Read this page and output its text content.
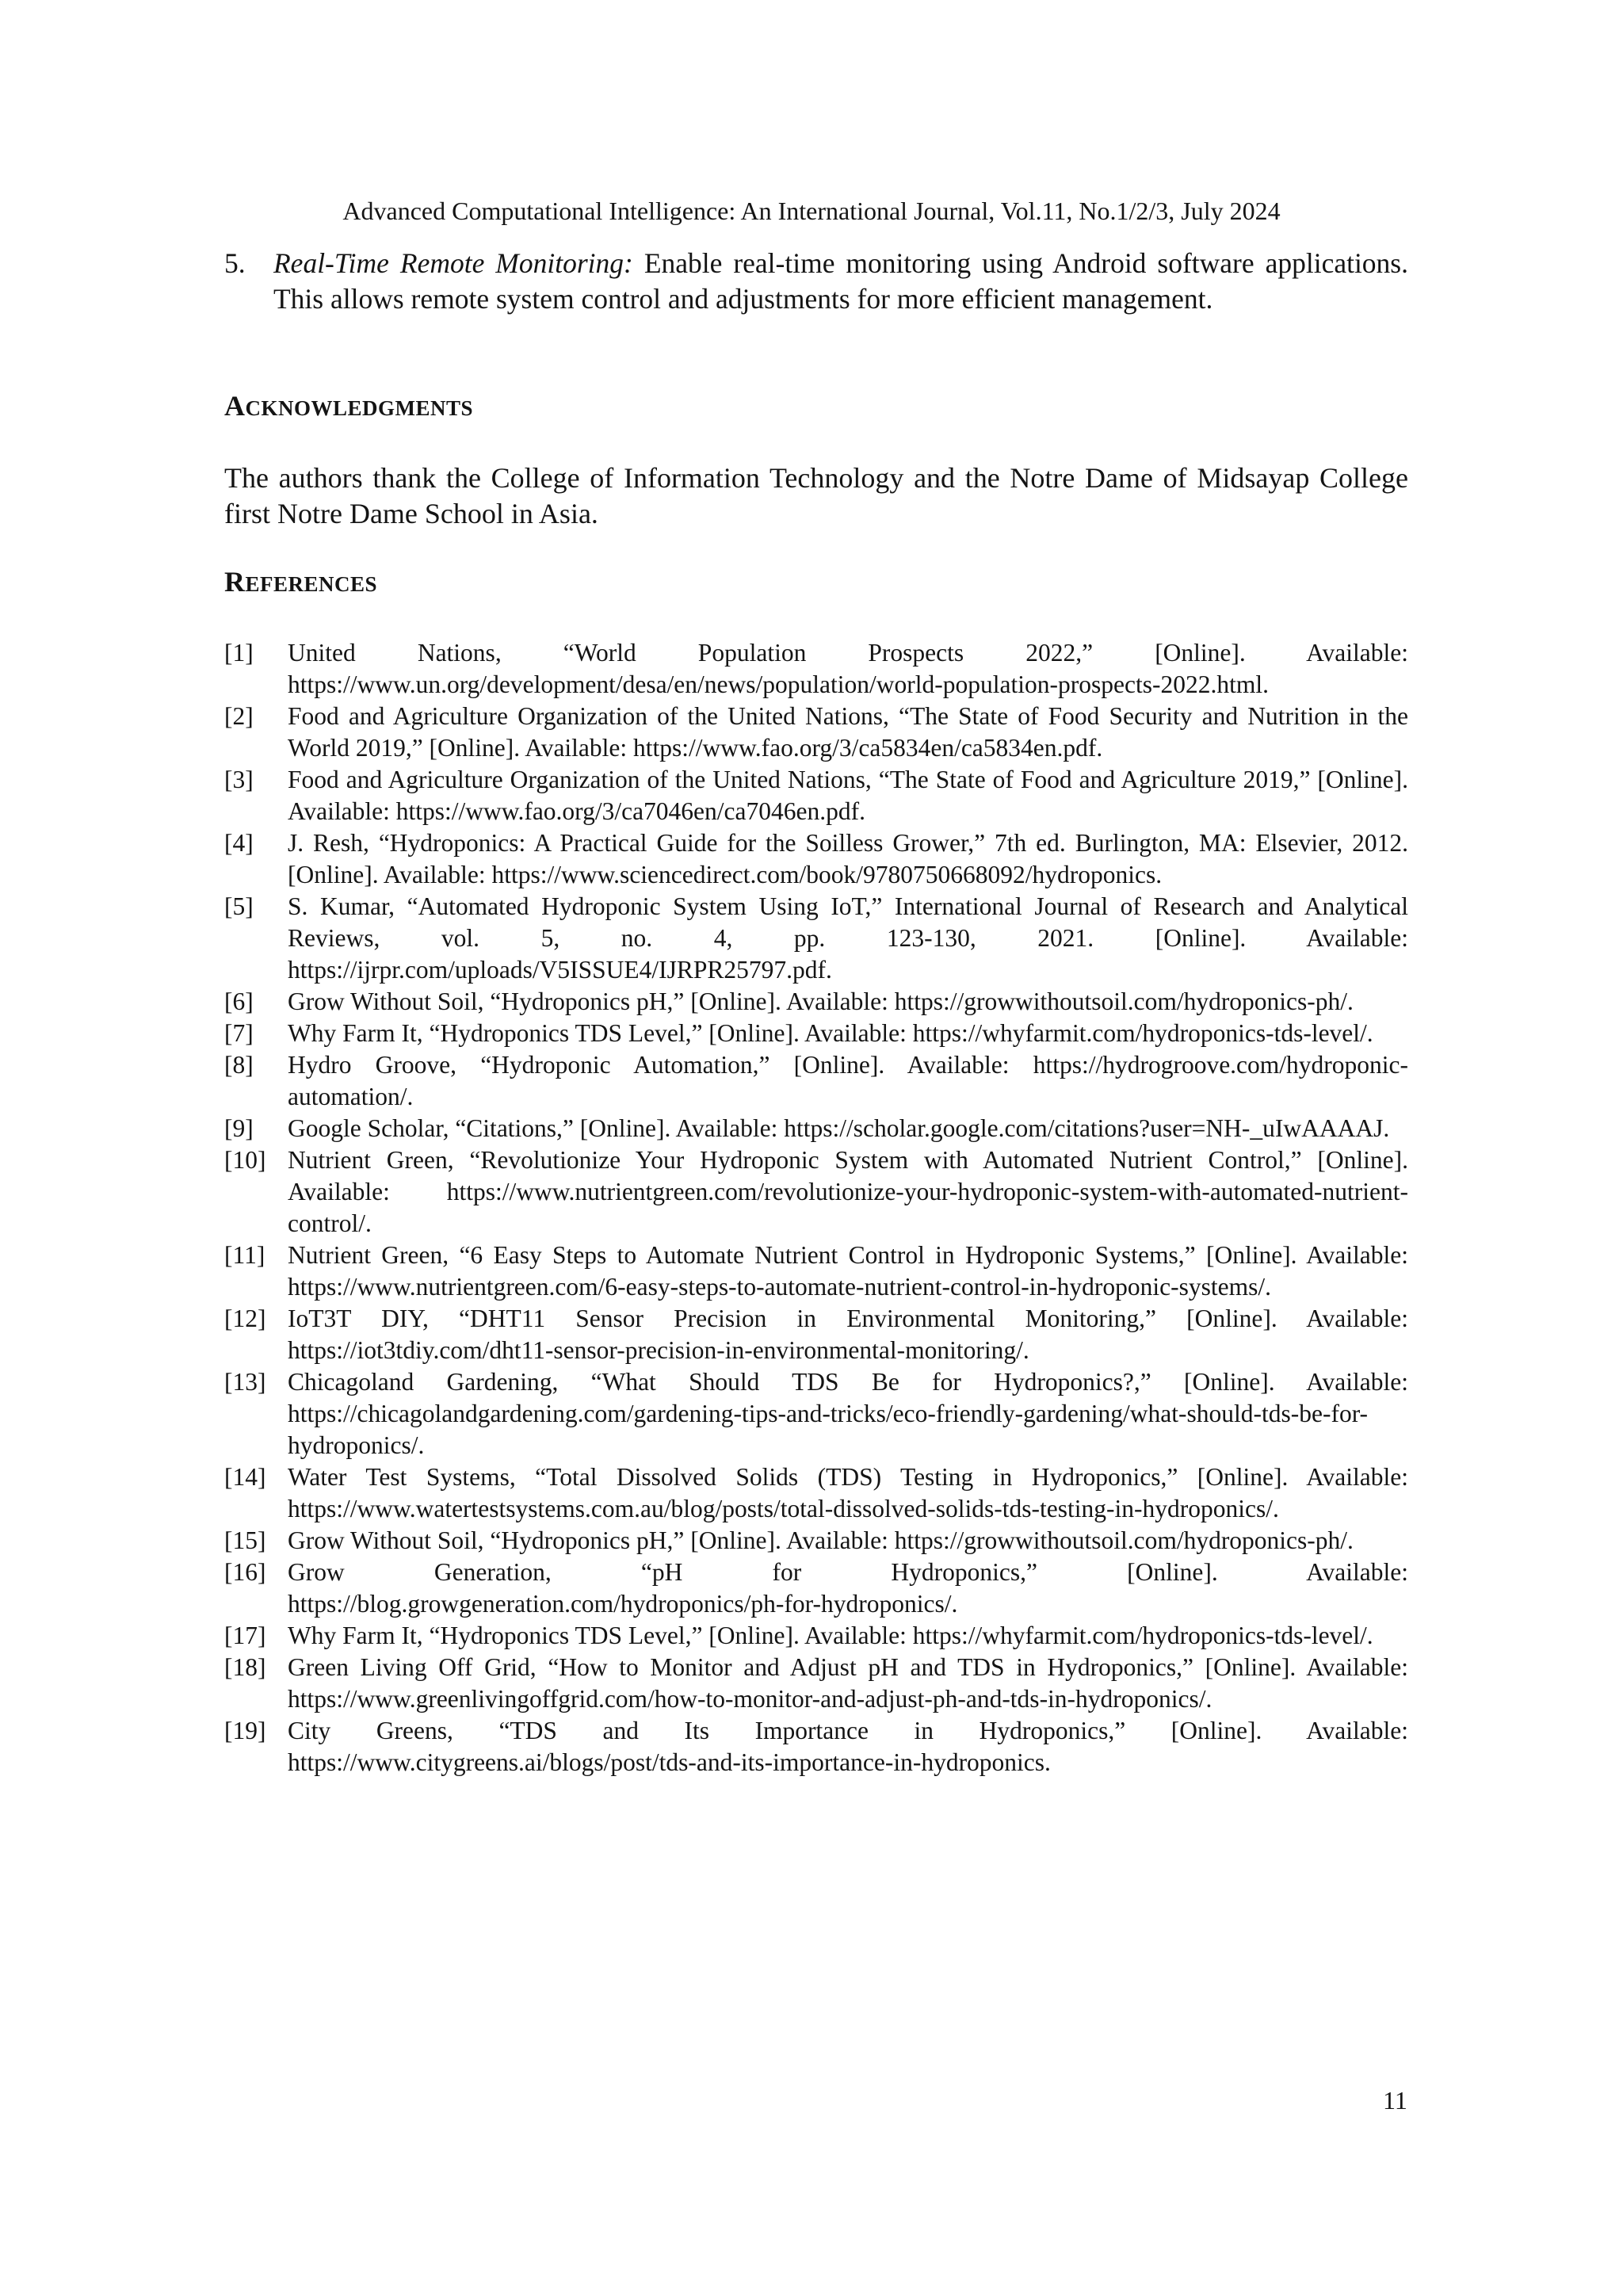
Advanced Computational Intelligence: An International Journal, Vol.11, No.1/2/3, July 2024
5. Real-Time Remote Monitoring: Enable real-time monitoring using Android software applications. This allows remote system control and adjustments for more efficient management.
ACKNOWLEDGMENTS
The authors thank the College of Information Technology and the Notre Dame of Midsayap College first Notre Dame School in Asia.
REFERENCES
[1] United Nations, “World Population Prospects 2022,” [Online]. Available: https://www.un.org/development/desa/en/news/population/world-population-prospects-2022.html.
[2] Food and Agriculture Organization of the United Nations, “The State of Food Security and Nutrition in the World 2019,” [Online]. Available: https://www.fao.org/3/ca5834en/ca5834en.pdf.
[3] Food and Agriculture Organization of the United Nations, “The State of Food and Agriculture 2019,” [Online]. Available: https://www.fao.org/3/ca7046en/ca7046en.pdf.
[4] J. Resh, “Hydroponics: A Practical Guide for the Soilless Grower,” 7th ed. Burlington, MA: Elsevier, 2012. [Online]. Available: https://www.sciencedirect.com/book/9780750668092/hydroponics.
[5] S. Kumar, “Automated Hydroponic System Using IoT,” International Journal of Research and Analytical Reviews, vol. 5, no. 4, pp. 123-130, 2021. [Online]. Available: https://ijrpr.com/uploads/V5ISSUE4/IJRPR25797.pdf.
[6] Grow Without Soil, “Hydroponics pH,” [Online]. Available: https://growwithoutsoil.com/hydroponics-ph/.
[7] Why Farm It, “Hydroponics TDS Level,” [Online]. Available: https://whyfarmit.com/hydroponics-tds-level/.
[8] Hydro Groove, “Hydroponic Automation,” [Online]. Available: https://hydrogroove.com/hydroponic-automation/.
[9] Google Scholar, “Citations,” [Online]. Available: https://scholar.google.com/citations?user=NH-_uIwAAAAJ.
[10] Nutrient Green, “Revolutionize Your Hydroponic System with Automated Nutrient Control,” [Online]. Available: https://www.nutrientgreen.com/revolutionize-your-hydroponic-system-with-automated-nutrient-control/.
[11] Nutrient Green, “6 Easy Steps to Automate Nutrient Control in Hydroponic Systems,” [Online]. Available: https://www.nutrientgreen.com/6-easy-steps-to-automate-nutrient-control-in-hydroponic-systems/.
[12] IoT3T DIY, “DHT11 Sensor Precision in Environmental Monitoring,” [Online]. Available: https://iot3tdiy.com/dht11-sensor-precision-in-environmental-monitoring/.
[13] Chicagoland Gardening, “What Should TDS Be for Hydroponics?,” [Online]. Available: https://chicagolandgardening.com/gardening-tips-and-tricks/eco-friendly-gardening/what-should-tds-be-for-hydroponics/.
[14] Water Test Systems, “Total Dissolved Solids (TDS) Testing in Hydroponics,” [Online]. Available: https://www.watertestsystems.com.au/blog/posts/total-dissolved-solids-tds-testing-in-hydroponics/.
[15] Grow Without Soil, “Hydroponics pH,” [Online]. Available: https://growwithoutsoil.com/hydroponics-ph/.
[16] Grow Generation, “pH for Hydroponics,” [Online]. Available: https://blog.growgeneration.com/hydroponics/ph-for-hydroponics/.
[17] Why Farm It, “Hydroponics TDS Level,” [Online]. Available: https://whyfarmit.com/hydroponics-tds-level/.
[18] Green Living Off Grid, “How to Monitor and Adjust pH and TDS in Hydroponics,” [Online]. Available: https://www.greenlivingoffgrid.com/how-to-monitor-and-adjust-ph-and-tds-in-hydroponics/.
[19] City Greens, “TDS and Its Importance in Hydroponics,” [Online]. Available: https://www.citygreens.ai/blogs/post/tds-and-its-importance-in-hydroponics.
11
